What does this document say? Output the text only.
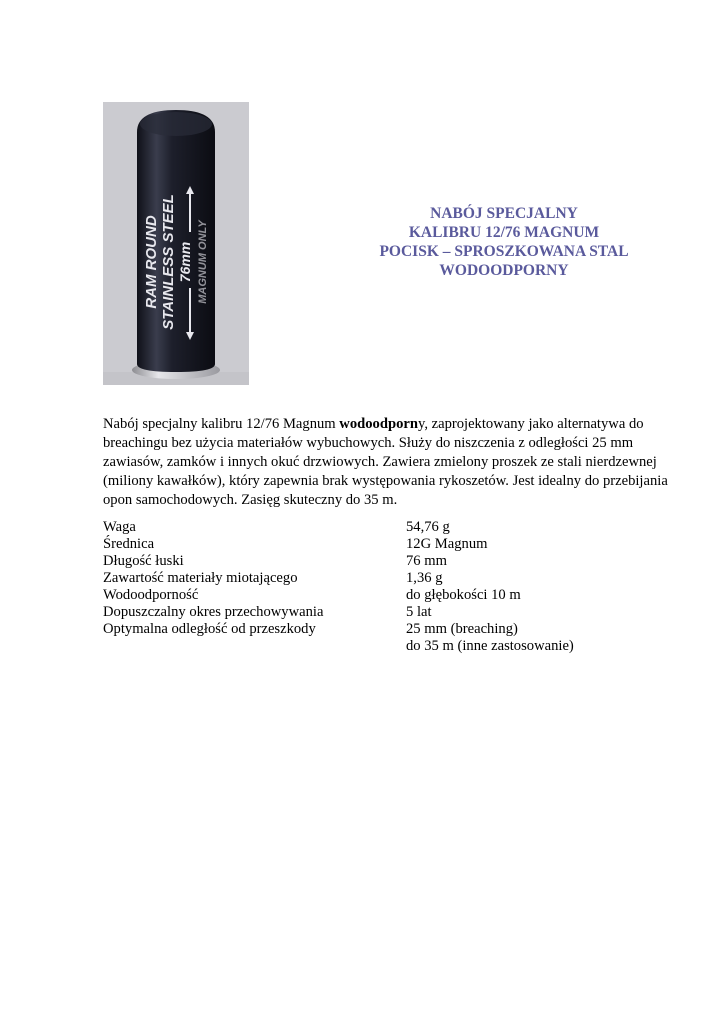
RAM ROUND STAINLESS STEEL 76mm MAGNUM ONLY
NABÓJ SPECJALNY
KALIBRU 12/76 MAGNUM
POCISK – SPROSZKOWANA STAL
WODOODPORNY

Nabój specjalny kalibru 12/76 Magnum wodoodporny, zaprojektowany jako alternatywa do breachingu bez użycia materiałów wybuchowych. Służy do niszczenia z odległości 25 mm zawiasów, zamków i innych okuć drzwiowych. Zawiera zmielony proszek ze stali nierdzewnej (miliony kawałków), który zapewnia brak występowania rykoszetów. Jest idealny do przebijania opon samochodowych. Zasięg skuteczny do 35 m.

Waga	54,76 g
Średnica	12G Magnum
Długość łuski	76 mm
Zawartość materiały miotającego	1,36 g
Wodoodporność	do głębokości 10 m
Dopuszczalny okres przechowywania	5 lat
Optymalna odległość od przeszkody	25 mm (breaching)
do 35 m (inne zastosowanie)
